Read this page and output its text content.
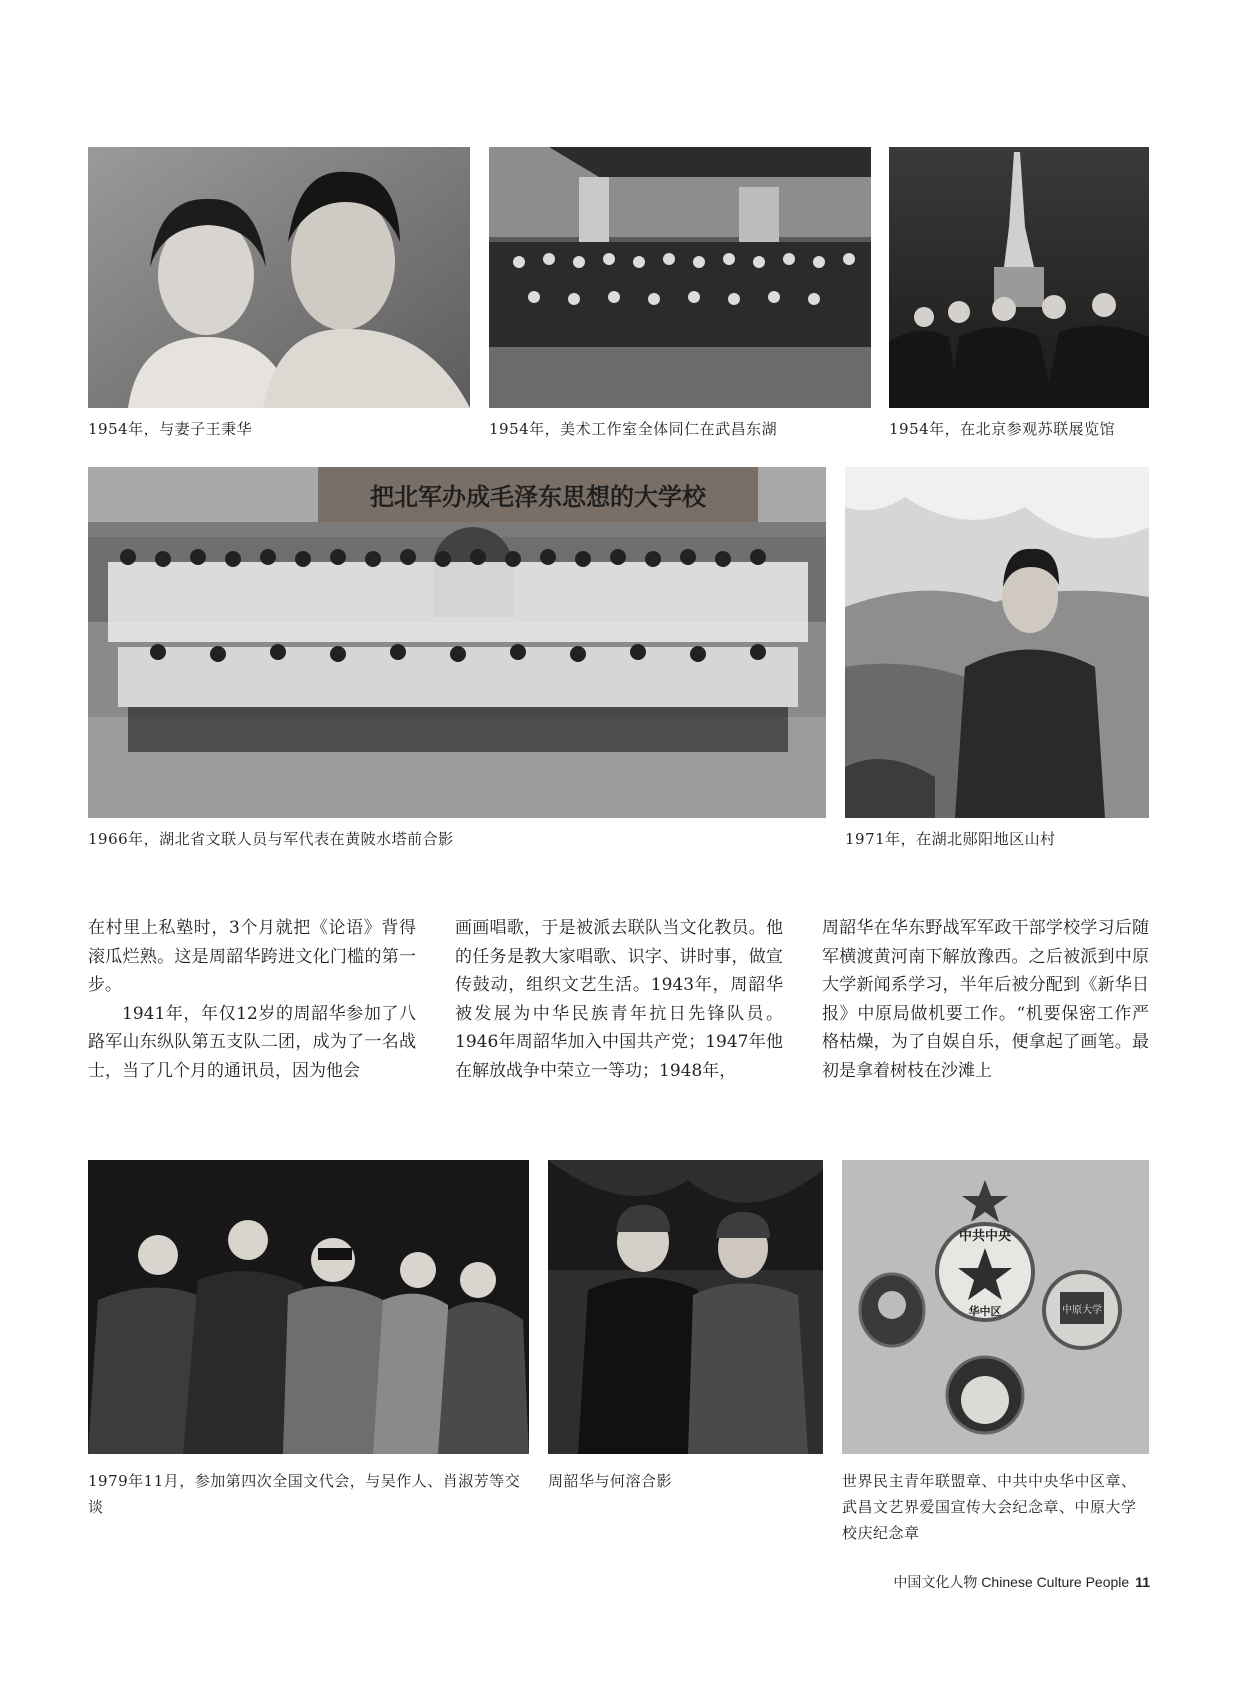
1954年，与妻子王秉华	1954年，美术工作室全体同仁在武昌东湖	1954年，在北京参观苏联展览馆
把北军办成毛泽东思想的大学校
1966年，湖北省文联人员与军代表在黄陂水塔前合影	1971年，在湖北郧阳地区山村

在村里上私塾时，3个月就把《论语》背得滚瓜烂熟。这是周韶华跨进文化门槛的第一步。

1941年，年仅12岁的周韶华参加了八路军山东纵队第五支队二团，成为了一名战士，当了几个月的通讯员，因为他会

画画唱歌，于是被派去联队当文化教员。他的任务是教大家唱歌、识字、讲时事，做宣传鼓动，组织文艺生活。1943年，周韶华被发展为中华民族青年抗日先锋队员。1946年周韶华加入中国共产党；1947年他在解放战争中荣立一等功；1948年，

周韶华在华东野战军军政干部学校学习后随军横渡黄河南下解放豫西。之后被派到中原大学新闻系学习，半年后被分配到《新华日报》中原局做机要工作。“机要保密工作严格枯燥，为了自娱自乐，便拿起了画笔。最初是拿着树枝在沙滩上

1979年11月，参加第四次全国文代会，与吴作人、肖淑芳等交谈
周韶华与何溶合影
中共中央
华中区	中原大学
世界民主青年联盟章、中共中央华中区章、武昌文艺界爱国宣传大会纪念章、中原大学校庆纪念章
中国文化人物 Chinese Culture People 11
